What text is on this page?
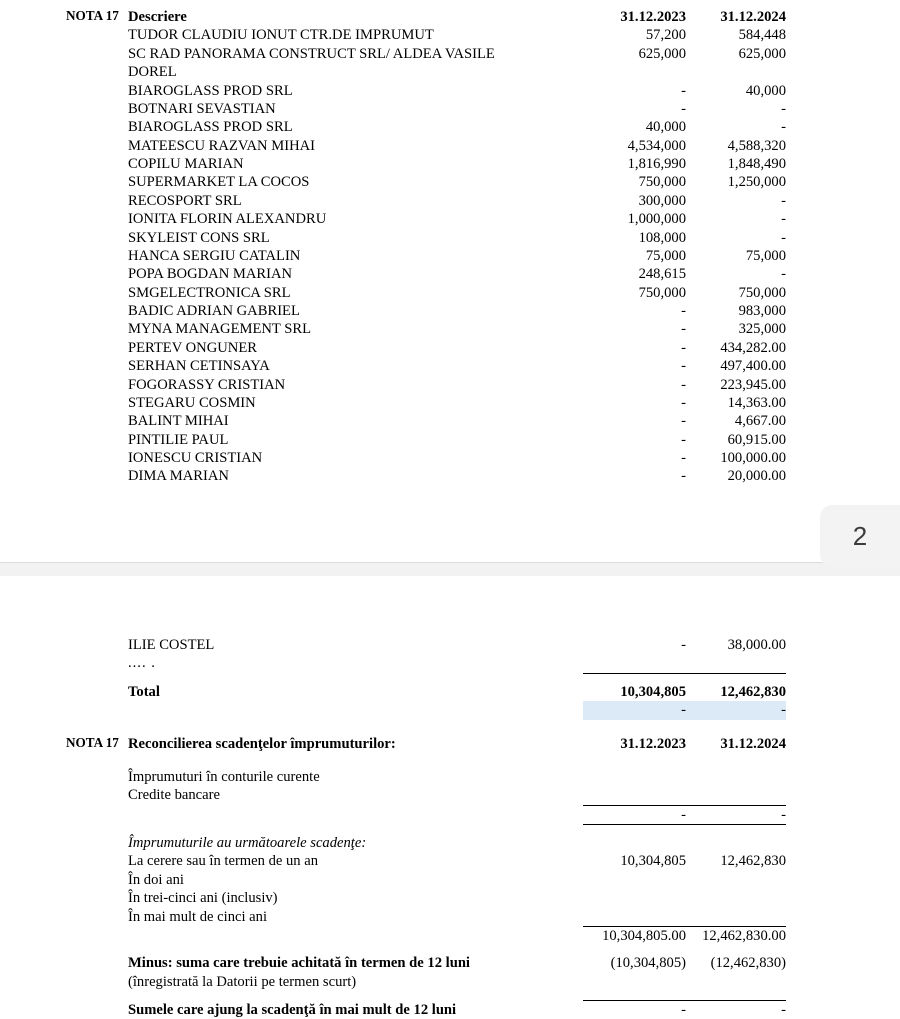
2
NOTA 17	Descriere	31.12.2023	31.12.2024
	TUDOR CLAUDIU IONUT CTR.DE IMPRUMUT	57,200	584,448

SC RAD PANORAMA CONSTRUCT SRL/ ALDEA VASILE	625,000	625,000
	DOREL		
	BIAROGLASS PROD SRL	-	40,000
	BOTNARI SEVASTIAN	-	-
	BIAROGLASS PROD SRL	40,000	-
	MATEESCU RAZVAN MIHAI	4,534,000	4,588,320
	COPILU MARIAN	1,816,990	1,848,490
	SUPERMARKET LA COCOS	750,000	1,250,000
	RECOSPORT SRL	300,000	-
	IONITA FLORIN ALEXANDRU	1,000,000	-
	SKYLEIST CONS SRL	108,000	-
	HANCA SERGIU CATALIN	75,000	75,000
	POPA BOGDAN MARIAN	248,615	-
	SMGELECTRONICA SRL	750,000	750,000
	BADIC ADRIAN GABRIEL	-	983,000
	MYNA MANAGEMENT SRL	-	325,000
	PERTEV ONGUNER	-	434,282.00
	SERHAN CETINSAYA	-	497,400.00
	FOGORASSY CRISTIAN	-	223,945.00
	STEGARU COSMIN	-	14,363.00
	BALINT MIHAI	-	4,667.00
	PINTILIE PAUL	-	60,915.00
	IONESCU CRISTIAN	-	100,000.00
	DIMA MARIAN	-	20,000.00
	ILIE COSTEL	-	38,000.00
	.... .		

	Total	10,304,805	12,462,830
		-	-

NOTA 17	Reconcilierea scadenţelor împrumuturilor:	31.12.2023	31.12.2024

	Împrumuturi în conturile curente		
	Credite bancare		

		-	-

	Împrumuturile au următoarele scadenţe:		
	La cerere sau în termen de un an	10,304,805	12,462,830
	În doi ani		
	În trei-cinci ani (inclusiv)		
	În mai mult de cinci ani		

		10,304,805.00	12,462,830.00

	Minus: suma care trebuie achitată în termen de 12 luni	(10,304,805)	(12,462,830)
	(înregistrată la Datorii pe termen scurt)		

	Sumele care ajung la scadenţă în mai mult de 12 luni	-	-
